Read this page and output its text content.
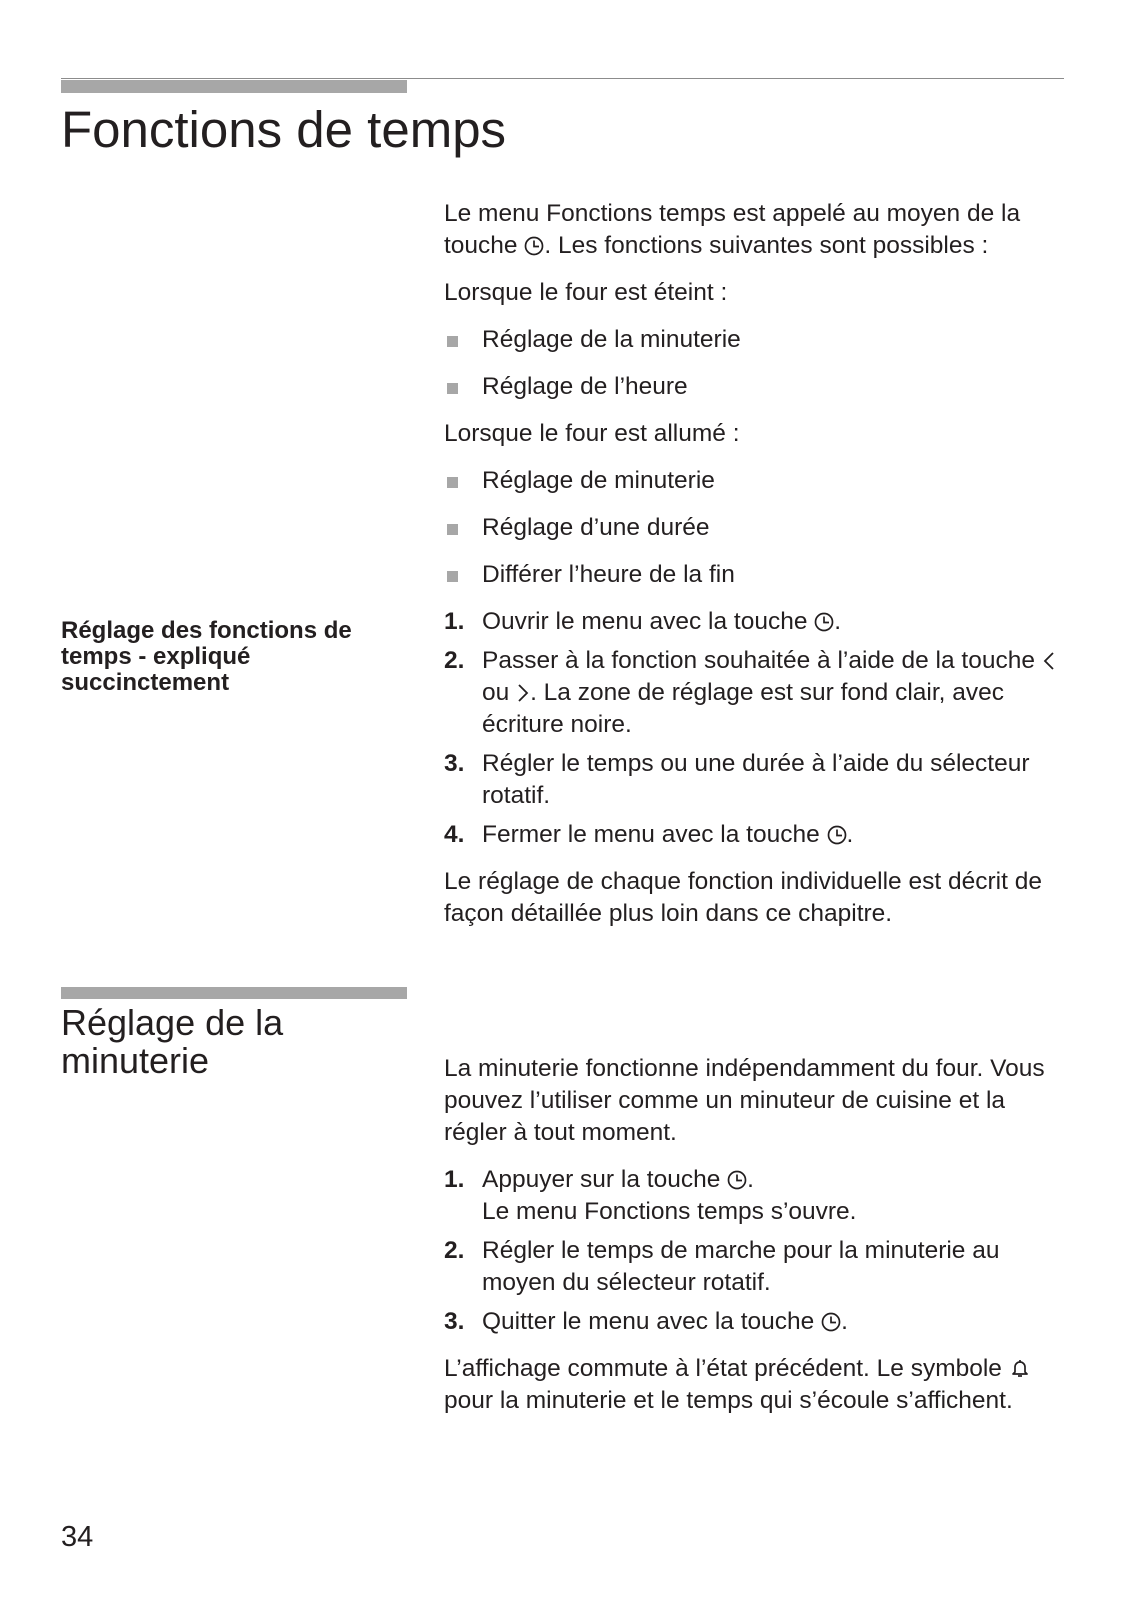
Fonctions de temps

Le menu Fonctions temps est appelé au moyen de la touche . Les fonctions suivantes sont possibles :

Lorsque le four est éteint :

Réglage de la minuterie
Réglage de l’heure

Lorsque le four est allumé :

Réglage de minuterie
Réglage d’une durée
Différer l’heure de la fin
1. Ouvrir le menu avec la touche .
2. Passer à la fonction souhaitée à l’aide de la touche  ou . La zone de réglage est sur fond clair, avec écriture noire.
3. Régler le temps ou une durée à l’aide du sélecteur rotatif.
4. Fermer le menu avec la touche .

Le réglage de chaque fonction individuelle est décrit de façon détaillée plus loin dans ce chapitre.

Réglage des fonctions de temps - expliqué succinctement

Réglage de la minuterie	La minuterie fonctionne indépendamment du four. Vous pouvez l’utiliser comme un minuteur de cuisine et la régler à tout moment.

1. Appuyer sur la touche .
Le menu Fonctions temps s’ouvre.
2. Régler le temps de marche pour la minuterie au moyen du sélecteur rotatif.
3. Quitter le menu avec la touche .

L’affichage commute à l’état précédent. Le symbole  pour la minuterie et le temps qui s’écoule s’affichent.

34
